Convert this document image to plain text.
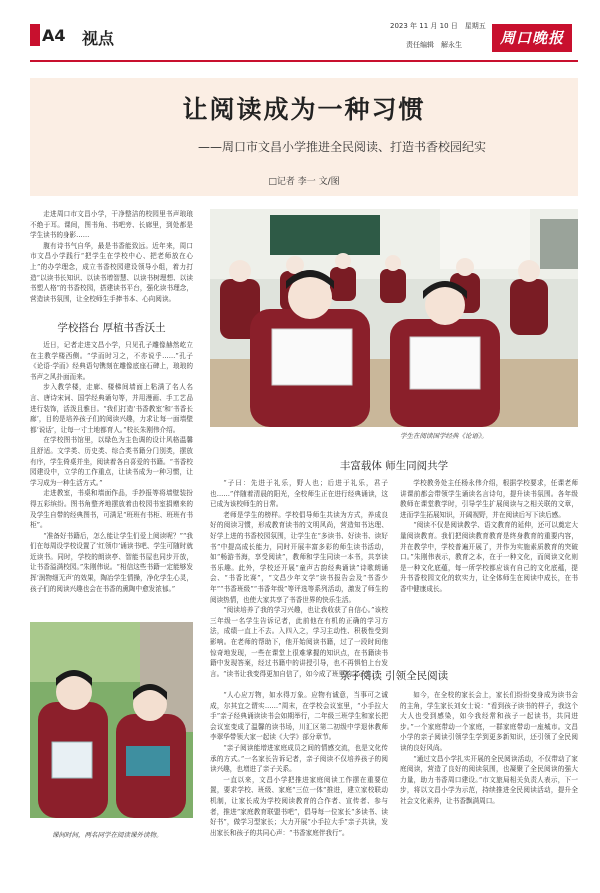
A4 视点
2023 年 11 月 10 日　星期五
责任编辑　解永生	周口晚报
让阅读成为一种习惯
——周口市文昌小学推进全民阅读、打造书香校园纪实
□记者 李一 文/图

走进周口市文昌小学，干净整洁的校园里书声琅琅不绝于耳。课间，图书角、书吧旁、长廊里，到处都是学生读书的身影……

腹有诗书气自华，最是书香能致远。近年来，周口市文昌小学践行“把学生在学校中心、把老师放在心上”的办学理念，成立书香校园建设领导小组，着力打造“以读书长知识、以读书增智慧、以读书树理想、以读书塑人格”的书香校园，搭建读书平台，强化读书理念，营造读书氛围，让全校师生手捧书本、心向阅读。

学校搭台 厚植书香沃土

近日，记者走进文昌小学，只见孔子雕像赫然屹立在主教学楼西侧。“学而时习之，不亦说乎……”孔子《论语·学而》经典语句镌刻在雕像底座石碑上，琅琅的书声之风扑面而来。

步入教学楼，走廊、楼梯间墙面上粘满了名人名言、唐诗宋词、国学经典诵句等，并用漫画、手工艺品进行装饰，活泼且雅目。“我们打造‘书香教室’和‘书香长廊’，目的是培养孩子们的阅读兴趣，力求让每一面墙壁都‘说话’，让每一寸土地都育人。”校长朱刚伟介绍。

在学校图书馆里，以绿色为主色调的设计风格温馨且舒适。文学类、历史类、综合类书籍分门别类，摆放有序，学生倚桌并坐，阅读着各自喜爱的书籍。“书香校园建设中，立学的工作重点，让读书成为一种习惯，让学习成为一种生活方式。”

走进教室，书桌和墙面作品，手抄报等将墙壁装扮得五彩缤纷。图书角整齐地摆放着由校园书室捐赠来的及学生自带的经典图书，可满足“班班有书柜、班班有书柜”。

“准备好书籍后，怎么能让学生们爱上阅读呢？”“我们在每周设学校设置了‘红领巾’诵读书吧、学生可随时就近读书。同时，学校的朗读亭、智能书屋也同步开放，让书香溢满校园。”朱刚伟说。“相信这些书籍一定能够发挥‘润物细无声’的效果，陶冶学生情操，净化学生心灵，孩子们的阅读兴趣也会在书香的熏陶中愈发浓郁。”

学生在阅读国学经典《论语》。
丰富载体 师生同阅共学

“子曰：先进于礼乐，野人也；后进于礼乐，君子也……”伴随着清晨的阳光，全校师生正在进行经典诵读，这已成为该校师生的日常。

老师是学生的榜样。学校倡导师生共读为方式，养成良好的阅读习惯，形成教育读书的文明风尚，营造知书达理、好学上进的书香校园氛围，让学生在“多读书、好读书、读好书”中提高成长能力，同时开展丰富多彩的师生读书活动，如“畅游书海，享受阅读”，教师和学生同读一本书，共享读书乐趣。此外，学校还开展“童声古韵经典诵读”诗歌朗诵会、“书香比赛”，“文昌少年文学”读书报告会及“书香少年”“书香班级”“书香年级”等评选等系列活动，激发了师生的阅读热情，也使大家共享了书香世界的快乐生活。

“阅读培养了我的学习兴趣，也让我收获了自信心。”该校三年级一名学生告诉记者，此前他在有机的正确的学习方法，成绩一直上不去。入四入之，学习主动性、积极性受到影响。在老师的帮助下，他开始阅读书籍，过了一段时间他惊奇地发现，一些在课堂上很难掌握的知识点，在书籍读书籍中发现答案，经过书籍中的讲授引导，也不再惧怕上台发言。“读书让我变得更加自信了，如今成了班里的尖子生。”

学校教务处主任杨永伟介绍，根据学校要求，任课老师讲课前都会带领学生诵读名言诗句，提升读书氛围。各年级教师在课堂教学时，引导学生扩展阅读与之相关联的文章，进而学生拓展知识，开阔视野，并在阅读后写下读后感。

“阅读不仅是阅读教学、语文教育的延伸，还可以奠定大量阅读教育。我们把阅读教育教育是终身教育的重要内容，并在教学中，学校普遍开展了，并作为实施素质教育的突破口。”朱刚伟表示，教育之本，在于一种文化，而阅读文化则是一种文化底蕴，每一所学校都应该有自己的文化底蕴，提升书香校园文化的软实力，让全体师生在阅读中成长，在书香中健康成长。

课间时间，两名同学在阅读课外读物。
亲子阅读 引领全民阅读

“人心应万物，如水得万象。应物有诚意，当事可之诚成，尔其宜之谓实……”周末，在学校会议室里，“小手拉大手”亲子经典诵读读书会如期举行，二年级三班学生和家长把会议室变成了温馨的读书场，川汇区第二初级中学退休教师李翠华带领大家一起读《大学》部分章节。

“亲子阅读能增进家庭成员之间的情感交流，也是文化传承的方式。”一名家长告诉记者，亲子阅读不仅培养孩子的阅读兴趣，也增进了亲子关系。

一直以来，文昌小学把推进家庭阅读工作摆在重要位置，要求学校、班级、家庭“三位一体”推进，建立家校联动机制，让家长成为学校阅读教育的合作者、宣传者、参与者，推进“家庭教育联盟书吧”，倡导每一位家长“多读书、读好书”，做学习型家长；大力开展“小手拉大手”亲子共读，发出家长和孩子的共同心声：“书香家庭伴我行”。

如今，在全校的家长会上，家长们纷纷变身成为读书会的主角，学生家长刘女士说：“看到孩子读书的样子，我这个大人也受到感染，如今我经常和孩子一起读书，共同进步。”一个家庭带动一个家庭，一群家庭带动一座城市。文昌小学的亲子阅读引领学生学到更多新知识，还引领了全民阅读的良好风尚。

“通过文昌小学扎实开展的全民阅读活动，不仅带动了家庭阅读，营造了良好的阅读氛围，也凝聚了全民阅读的强大力量，助力书香周口建设。”市文旅局相关负责人表示，下一步，将以文昌小学为示范，持续推进全民阅读活动，提升全社会文化素养，让书香飘满周口。
